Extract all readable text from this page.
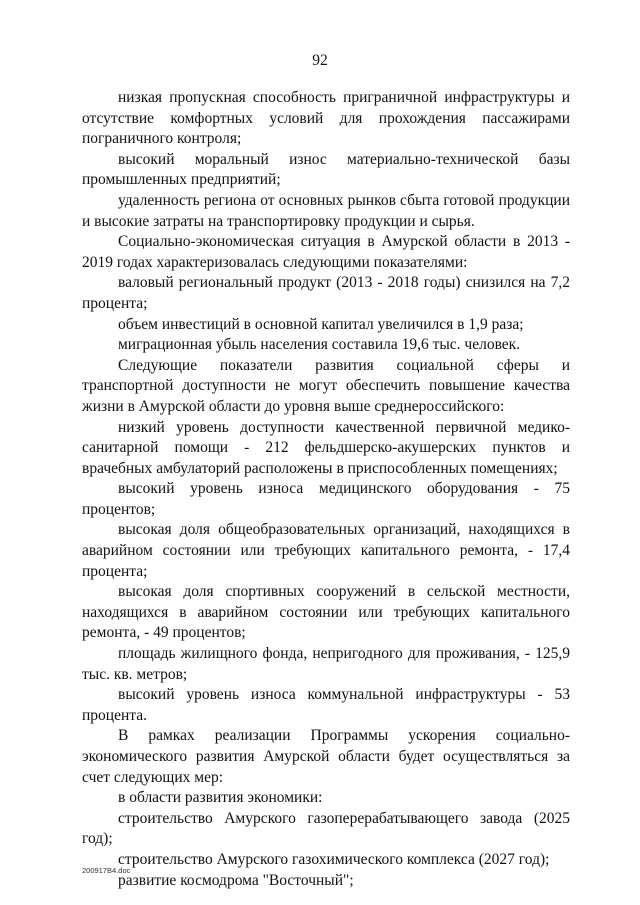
92

низкая пропускная способность приграничной инфраструктуры и отсутствие комфортных условий для прохождения пассажирами пограничного контроля;

высокий моральный износ материально-технической базы промышленных предприятий;

удаленность региона от основных рынков сбыта готовой продукции и высокие затраты на транспортировку продукции и сырья.

Социально-экономическая ситуация в Амурской области в 2013 - 2019 годах характеризовалась следующими показателями:

валовый региональный продукт (2013 - 2018 годы) снизился на 7,2 процента;

объем инвестиций в основной капитал увеличился в 1,9 раза;

миграционная убыль населения составила 19,6 тыс. человек.

Следующие показатели развития социальной сферы и транспортной доступности не могут обеспечить повышение качества жизни в Амурской области до уровня выше среднероссийского:

низкий уровень доступности качественной первичной медико-санитарной помощи - 212 фельдшерско-акушерских пунктов и врачебных амбулаторий расположены в приспособленных помещениях;

высокий уровень износа медицинского оборудования - 75 процентов;

высокая доля общеобразовательных организаций, находящихся в аварийном состоянии или требующих капитального ремонта, - 17,4 процента;

высокая доля спортивных сооружений в сельской местности, находящихся в аварийном состоянии или требующих капитального ремонта, - 49 процентов;

площадь жилищного фонда, непригодного для проживания, - 125,9 тыс. кв. метров;

высокий уровень износа коммунальной инфраструктуры - 53 процента.

В рамках реализации Программы ускорения социально-экономического развития Амурской области будет осуществляться за счет следующих мер:

в области развития экономики:

строительство Амурского газоперерабатывающего завода (2025 год);

строительство Амурского газохимического комплекса (2027 год);

развитие космодрома "Восточный";

200917B4.doc
